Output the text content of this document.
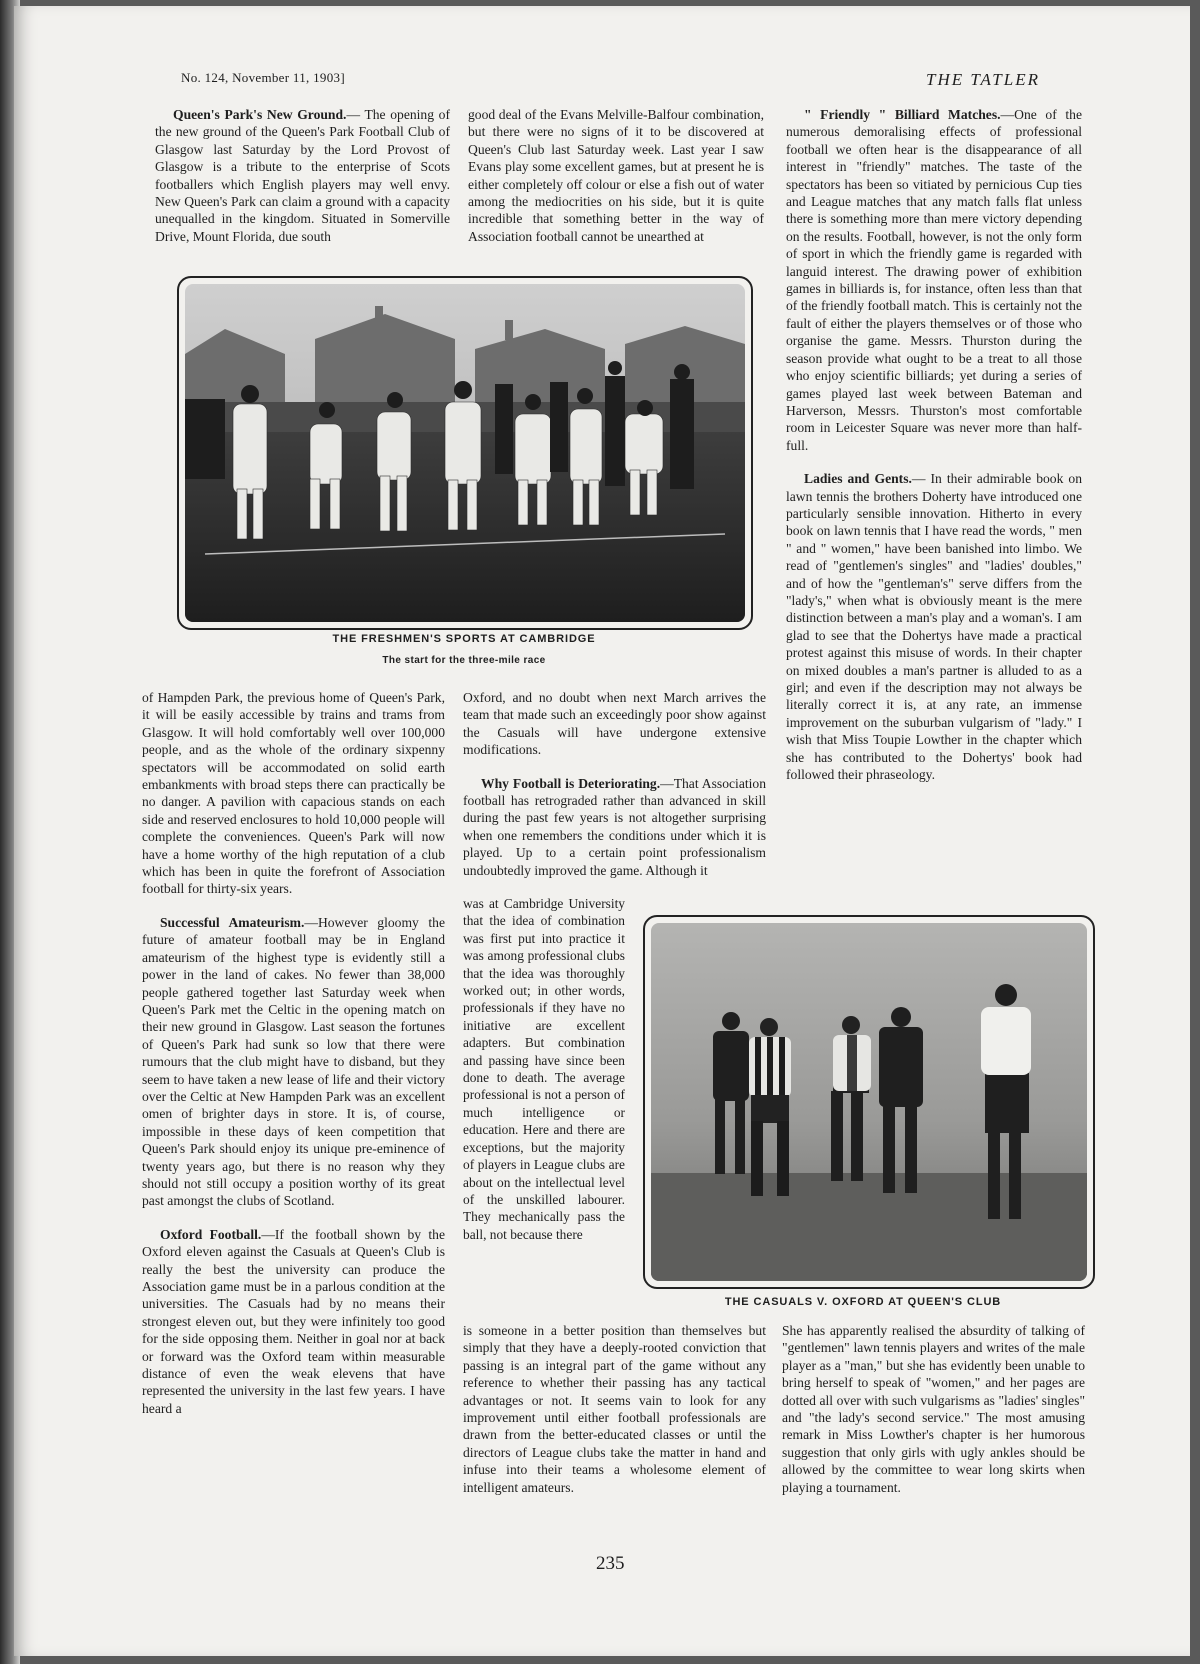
No. 124, November 11, 1903]	THE TATLER

Queen's Park's New Ground.— The opening of the new ground of the Queen's Park Football Club of Glasgow last Saturday by the Lord Provost of Glasgow is a tribute to the enterprise of Scots footballers which English players may well envy. New Queen's Park can claim a ground with a capacity unequalled in the kingdom. Situated in Somerville Drive, Mount Florida, due south

good deal of the Evans Melville-Balfour combination, but there were no signs of it to be discovered at Queen's Club last Saturday week. Last year I saw Evans play some excellent games, but at present he is either completely off colour or else a fish out of water among the mediocrities on his side, but it is quite incredible that something better in the way of Association football cannot be unearthed at

" Friendly " Billiard Matches.—One of the numerous demoralising effects of professional football we often hear is the disappearance of all interest in "friendly" matches. The taste of the spectators has been so vitiated by pernicious Cup ties and League matches that any match falls flat unless there is something more than mere victory depending on the results. Football, however, is not the only form of sport in which the friendly game is regarded with languid interest. The drawing power of exhibition games in billiards is, for instance, often less than that of the friendly football match. This is certainly not the fault of either the players themselves or of those who organise the game. Messrs. Thurston during the season provide what ought to be a treat to all those who enjoy scientific billiards; yet during a series of games played last week between Bateman and Harverson, Messrs. Thurston's most comfortable room in Leicester Square was never more than half-full.

Ladies and Gents.— In their admirable book on lawn tennis the brothers Doherty have introduced one particularly sensible innovation. Hitherto in every book on lawn tennis that I have read the words, " men " and " women," have been banished into limbo. We read of "gentlemen's singles" and "ladies' doubles," and of how the "gentleman's" serve differs from the "lady's," when what is obviously meant is the mere distinction between a man's play and a woman's. I am glad to see that the Dohertys have made a practical protest against this misuse of words. In their chapter on mixed doubles a man's partner is alluded to as a girl; and even if the description may not always be literally correct it is, at any rate, an immense improvement on the suburban vulgarism of "lady." I wish that Miss Toupie Lowther in the chapter which she has contributed to the Dohertys' book had followed their phraseology.

THE FRESHMEN'S SPORTS AT CAMBRIDGE
The start for the three-mile race

of Hampden Park, the previous home of Queen's Park, it will be easily accessible by trains and trams from Glasgow. It will hold comfortably well over 100,000 people, and as the whole of the ordinary sixpenny spectators will be accommodated on solid earth embankments with broad steps there can practically be no danger. A pavilion with capacious stands on each side and reserved enclosures to hold 10,000 people will complete the conveniences. Queen's Park will now have a home worthy of the high reputation of a club which has been in quite the forefront of Association football for thirty-six years.

Successful Amateurism.—However gloomy the future of amateur football may be in England amateurism of the highest type is evidently still a power in the land of cakes. No fewer than 38,000 people gathered together last Saturday week when Queen's Park met the Celtic in the opening match on their new ground in Glasgow. Last season the fortunes of Queen's Park had sunk so low that there were rumours that the club might have to disband, but they seem to have taken a new lease of life and their victory over the Celtic at New Hampden Park was an excellent omen of brighter days in store. It is, of course, impossible in these days of keen competition that Queen's Park should enjoy its unique pre-eminence of twenty years ago, but there is no reason why they should not still occupy a position worthy of its great past amongst the clubs of Scotland.

Oxford Football.—If the football shown by the Oxford eleven against the Casuals at Queen's Club is really the best the university can produce the Association game must be in a parlous condition at the universities. The Casuals had by no means their strongest eleven out, but they were infinitely too good for the side opposing them. Neither in goal nor at back or forward was the Oxford team within measurable distance of even the weak elevens that have represented the university in the last few years. I have heard a

Oxford, and no doubt when next March arrives the team that made such an exceedingly poor show against the Casuals will have undergone extensive modifications.

Why Football is Deteriorating.—That Association football has retrograded rather than advanced in skill during the past few years is not altogether surprising when one remembers the conditions under which it is played. Up to a certain point professionalism undoubtedly improved the game. Although it

was at Cambridge University that the idea of combination was first put into practice it was among professional clubs that the idea was thoroughly worked out; in other words, professionals if they have no initiative are excellent adapters. But combination and passing have since been done to death. The average professional is not a person of much intelligence or education. Here and there are exceptions, but the majority of players in League clubs are about on the intellectual level of the unskilled labourer. They mechanically pass the ball, not because there

THE CASUALS V. OXFORD AT QUEEN'S CLUB

is someone in a better position than themselves but simply that they have a deeply-rooted conviction that passing is an integral part of the game without any reference to whether their passing has any tactical advantages or not. It seems vain to look for any improvement until either football professionals are drawn from the better-educated classes or until the directors of League clubs take the matter in hand and infuse into their teams a wholesome element of intelligent amateurs.

She has apparently realised the absurdity of talking of "gentlemen" lawn tennis players and writes of the male player as a "man," but she has evidently been unable to bring herself to speak of "women," and her pages are dotted all over with such vulgarisms as "ladies' singles" and "the lady's second service." The most amusing remark in Miss Lowther's chapter is her humorous suggestion that only girls with ugly ankles should be allowed by the committee to wear long skirts when playing a tournament.

235
